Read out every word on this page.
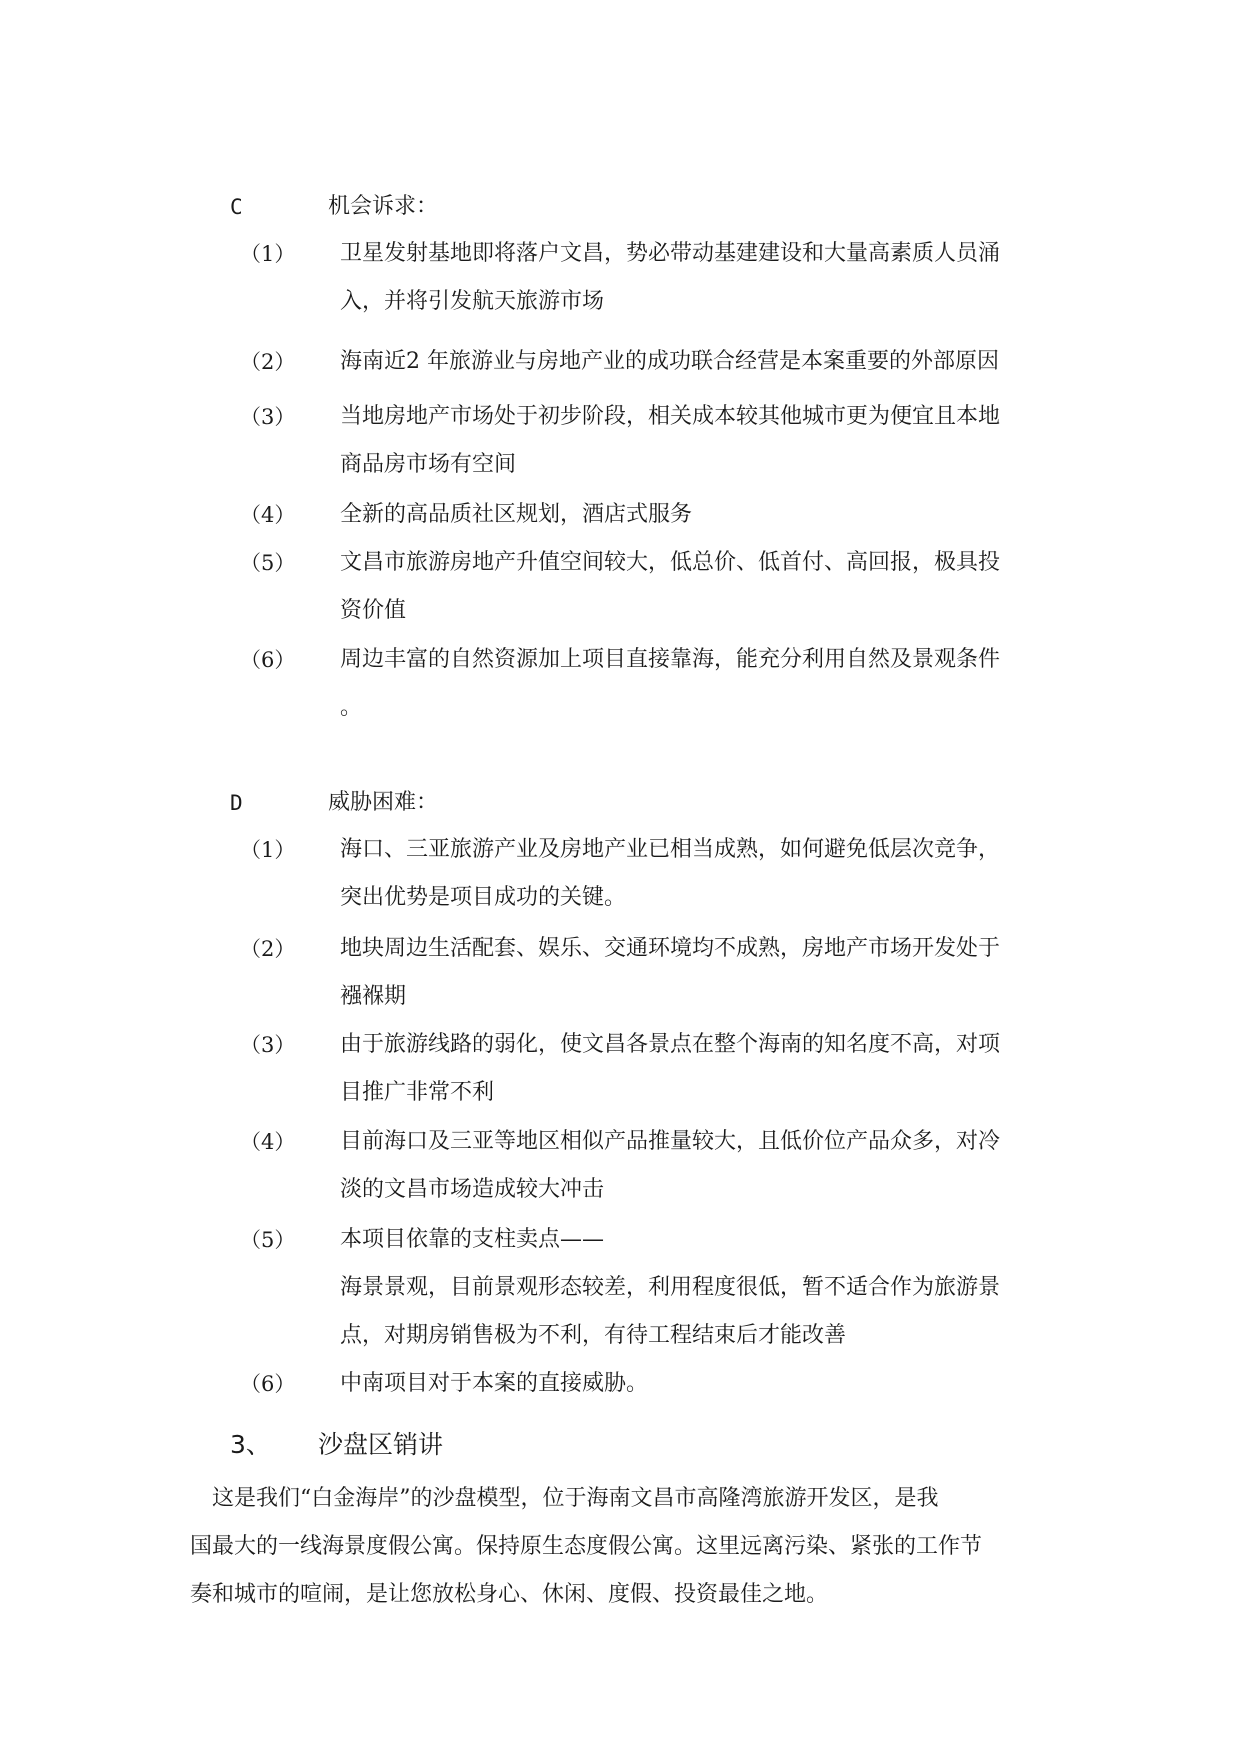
C	机会诉求：
（1） 卫星发射基地即将落户文昌，势必带动基建建设和大量高素质人员涌
入，并将引发航天旅游市场
（2） 海南近2 年旅游业与房地产业的成功联合经营是本案重要的外部原因
（3） 当地房地产市场处于初步阶段，相关成本较其他城市更为便宜且本地
商品房市场有空间
（4） 全新的高品质社区规划，酒店式服务
（5） 文昌市旅游房地产升值空间较大，低总价、低首付、高回报，极具投
资价值
（6） 周边丰富的自然资源加上项目直接靠海，能充分利用自然及景观条件
。
D	威胁困难：
（1） 海口、三亚旅游产业及房地产业已相当成熟，如何避免低层次竞争，
突出优势是项目成功的关键。
（2） 地块周边生活配套、娱乐、交通环境均不成熟，房地产市场开发处于
襁褓期
（3） 由于旅游线路的弱化，使文昌各景点在整个海南的知名度不高，对项
目推广非常不利
（4） 目前海口及三亚等地区相似产品推量较大，且低价位产品众多，对冷
淡的文昌市场造成较大冲击
（5） 本项目依靠的支柱卖点——
海景景观，目前景观形态较差，利用程度很低，暂不适合作为旅游景
点，对期房销售极为不利，有待工程结束后才能改善
（6） 中南项目对于本案的直接威胁。
3、 沙盘区销讲
　这是我们“白金海岸”的沙盘模型，位于海南文昌市高隆湾旅游开发区，是我
国最大的一线海景度假公寓。保持原生态度假公寓。这里远离污染、紧张的工作节
奏和城市的喧闹，是让您放松身心、休闲、度假、投资最佳之地。
